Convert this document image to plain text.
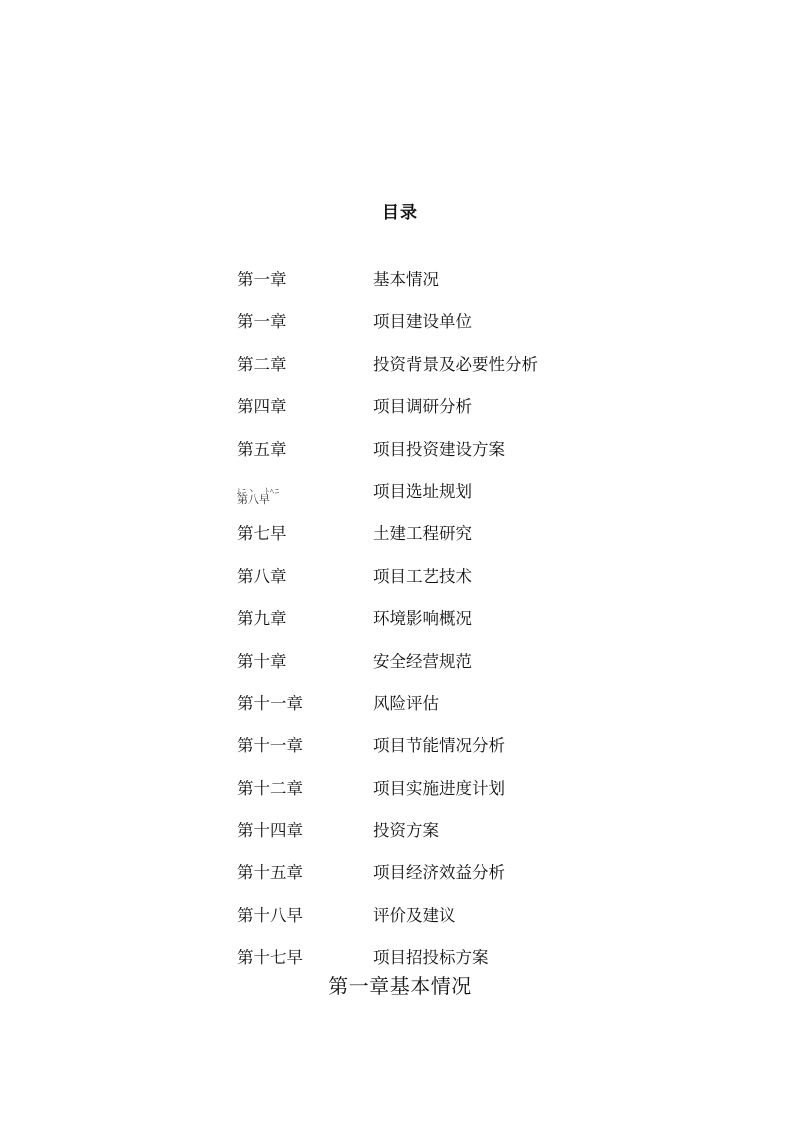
目录
第一章	基本情况
第一章	项目建设单位
第二章	投资背景及必要性分析
第四章	项目调研分析
第五章	项目投资建设方案
ﾑﾆ丶　ﾄﾍﾆ
第八早	项目选址规划
第七早	土建工程研究
第八章	项目工艺技术
第九章	环境影响概况
第十章	安全经营规范
第十一章	风险评估
第十一章	项目节能情况分析
第十二章	项目实施进度计划
第十四章	投资方案
第十五章	项目经济效益分析
第十八早	评价及建议
第十七早	项目招投标方案
第一章基本情况
